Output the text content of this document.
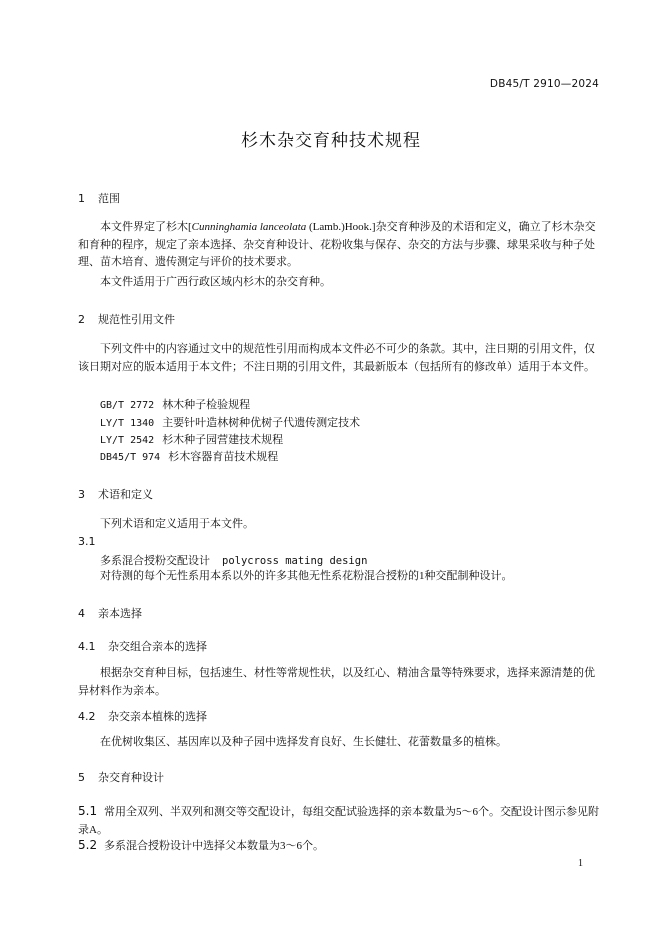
DB45/T 2910—2024
杉木杂交育种技术规程
1 范围
本文件界定了杉木[Cunninghamia lanceolata (Lamb.)Hook.]杂交育种涉及的术语和定义，确立了杉木杂交和育种的程序，规定了亲本选择、杂交育种设计、花粉收集与保存、杂交的方法与步骤、球果采收与种子处理、苗木培育、遗传测定与评价的技术要求。
本文件适用于广西行政区域内杉木的杂交育种。
2 规范性引用文件
下列文件中的内容通过文中的规范性引用而构成本文件必不可少的条款。其中，注日期的引用文件，仅该日期对应的版本适用于本文件；不注日期的引用文件，其最新版本（包括所有的修改单）适用于本文件。
GB/T 2772 林木种子检验规程
LY/T 1340 主要针叶造林树种优树子代遗传测定技术
LY/T 2542 杉木种子园营建技术规程
DB45/T 974 杉木容器育苗技术规程
3 术语和定义
下列术语和定义适用于本文件。
3.1
多系混合授粉交配设计 polycross mating design
对待测的每个无性系用本系以外的许多其他无性系花粉混合授粉的1种交配制种设计。
4 亲本选择
4.1 杂交组合亲本的选择
根据杂交育种目标，包括速生、材性等常规性状，以及红心、精油含量等特殊要求，选择来源清楚的优异材料作为亲本。
4.2 杂交亲本植株的选择
在优树收集区、基因库以及种子园中选择发育良好、生长健壮、花蕾数量多的植株。
5 杂交育种设计
5.1 常用全双列、半双列和测交等交配设计，每组交配试验选择的亲本数量为5～6个。交配设计图示参见附录A。
5.2 多系混合授粉设计中选择父本数量为3～6个。
1
